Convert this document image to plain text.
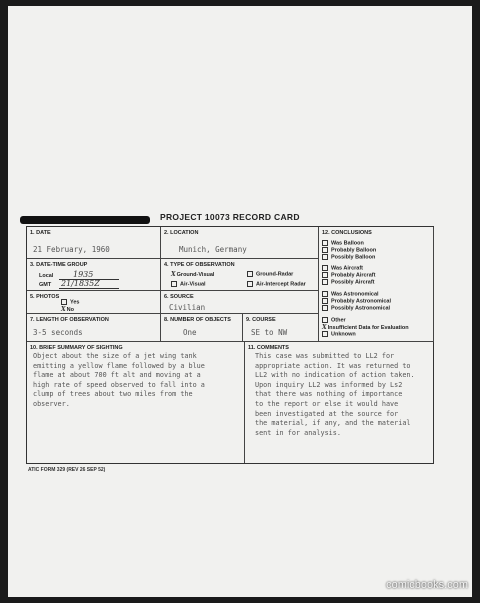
PROJECT 10073 RECORD CARD
1. DATE
21 February, 1960
2. LOCATION
Munich, Germany
3. DATE-TIME GROUP
Local 1935
GMT 21/1835Z
4. TYPE OF OBSERVATION
XGround-Visual	Ground-Radar
Air-Visual	Air-Intercept Radar
5. PHOTOS
Yes
XNo
6. SOURCE
Civilian
7. LENGTH OF OBSERVATION
3-5 seconds
8. NUMBER OF OBJECTS
One
9. COURSE
SE to NW
12. CONCLUSIONS
Was Balloon
Probably Balloon
Possibly Balloon
Was Aircraft
Probably Aircraft
Possibly Aircraft
Was Astronomical
Probably Astronomical
Possibly Astronomical
Other
XInsufficient Data for Evaluation
Unknown
10. BRIEF SUMMARY OF SIGHTING
Object about the size of a jet wing tank
emitting a yellow flame followed by a blue
flame at about 700 ft alt and moving at a
high rate of speed observed to fall into a
clump of trees about two miles from the
observer.
11. COMMENTS
This case was submitted to LL2 for
appropriate action. It was returned to
LL2 with no indication of action taken.
Upon inquiry LL2 was informed by Ls2
that there was nothing of importance
to the report or else it would have
been investigated at the source for
the material, if any, and the material
sent in for analysis.
ATIC FORM 329 (REV 26 SEP 52)
comicbooks.com
